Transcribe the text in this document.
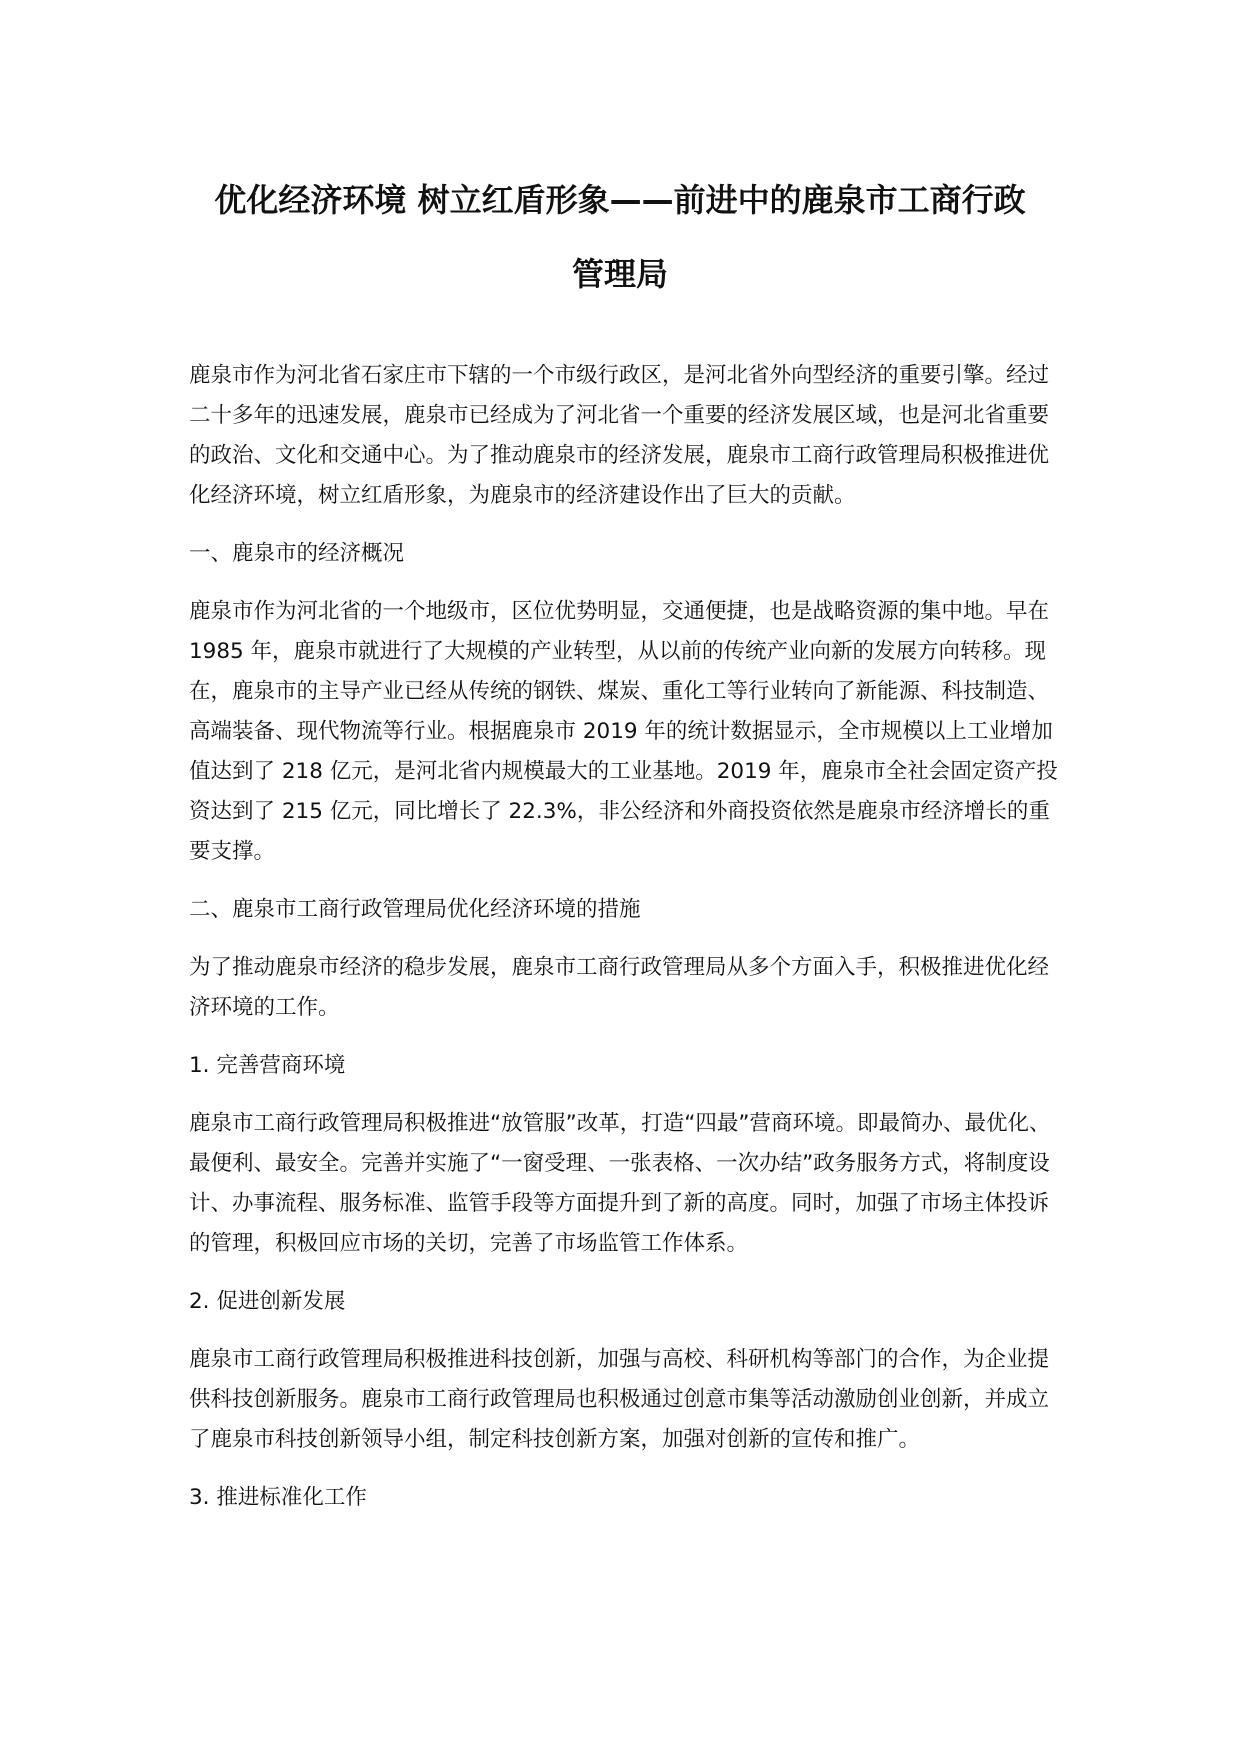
优化经济环境 树立红盾形象——前进中的鹿泉市工商行政
管理局

鹿泉市作为河北省石家庄市下辖的一个市级行政区，是河北省外向型经济的重要引擎。经过二十多年的迅速发展，鹿泉市已经成为了河北省一个重要的经济发展区域，也是河北省重要的政治、文化和交通中心。为了推动鹿泉市的经济发展，鹿泉市工商行政管理局积极推进优化经济环境，树立红盾形象，为鹿泉市的经济建设作出了巨大的贡献。

一、鹿泉市的经济概况

鹿泉市作为河北省的一个地级市，区位优势明显，交通便捷，也是战略资源的集中地。早在 1985 年，鹿泉市就进行了大规模的产业转型，从以前的传统产业向新的发展方向转移。现在，鹿泉市的主导产业已经从传统的钢铁、煤炭、重化工等行业转向了新能源、科技制造、高端装备、现代物流等行业。根据鹿泉市 2019 年的统计数据显示，全市规模以上工业增加值达到了 218 亿元，是河北省内规模最大的工业基地。2019 年，鹿泉市全社会固定资产投资达到了 215 亿元，同比增长了 22.3%，非公经济和外商投资依然是鹿泉市经济增长的重要支撑。

二、鹿泉市工商行政管理局优化经济环境的措施

为了推动鹿泉市经济的稳步发展，鹿泉市工商行政管理局从多个方面入手，积极推进优化经济环境的工作。

1. 完善营商环境

鹿泉市工商行政管理局积极推进“放管服”改革，打造“四最”营商环境。即最简办、最优化、最便利、最安全。完善并实施了“一窗受理、一张表格、一次办结”政务服务方式，将制度设计、办事流程、服务标准、监管手段等方面提升到了新的高度。同时，加强了市场主体投诉的管理，积极回应市场的关切，完善了市场监管工作体系。

2. 促进创新发展

鹿泉市工商行政管理局积极推进科技创新，加强与高校、科研机构等部门的合作，为企业提供科技创新服务。鹿泉市工商行政管理局也积极通过创意市集等活动激励创业创新，并成立了鹿泉市科技创新领导小组，制定科技创新方案，加强对创新的宣传和推广。

3. 推进标准化工作
